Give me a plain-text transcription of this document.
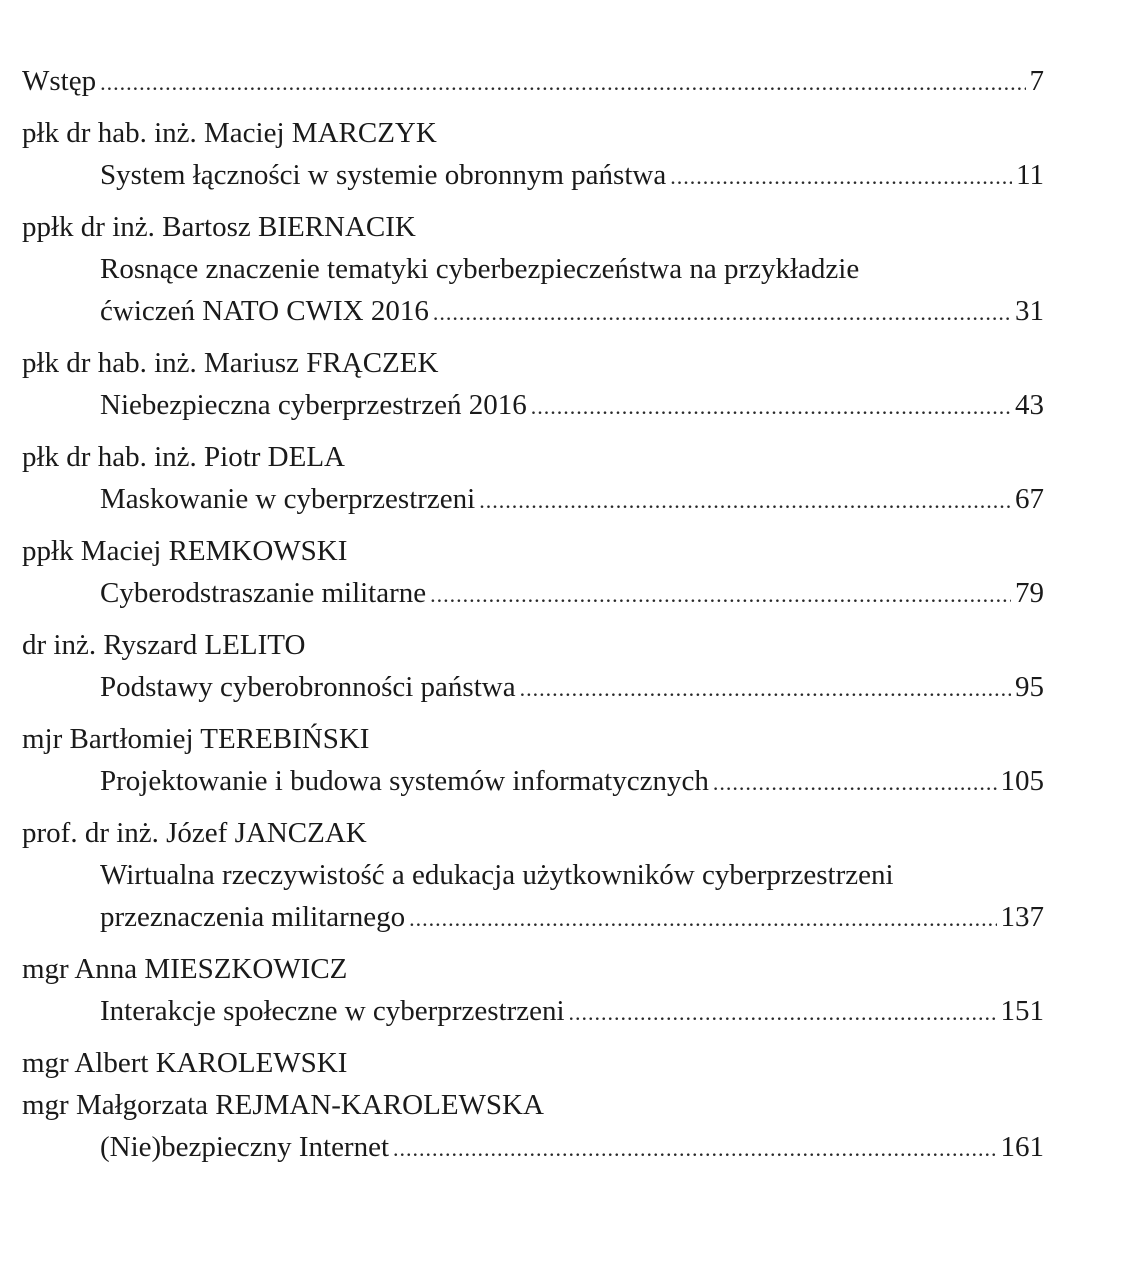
Wstęp .....	7
płk dr hab. inż. Maciej MARCZYK
System łączności w systemie obronnym państwa .....	11
ppłk dr inż. Bartosz BIERNACIK
Rosnące znaczenie tematyki cyberbezpieczeństwa na przykładzie
ćwiczeń NATO CWIX 2016 .....	31
płk dr hab. inż. Mariusz FRĄCZEK
Niebezpieczna cyberprzestrzeń 2016 .....	43
płk dr hab. inż. Piotr DELA
Maskowanie w cyberprzestrzeni .....	67
ppłk Maciej REMKOWSKI
Cyberodstraszanie militarne .....	79
dr inż. Ryszard LELITO
Podstawy cyberobronności państwa .....	95
mjr Bartłomiej TEREBIŃSKI
Projektowanie i budowa systemów informatycznych .....	105
prof. dr inż. Józef JANCZAK
Wirtualna rzeczywistość a edukacja użytkowników cyberprzestrzeni
przeznaczenia militarnego .....	137
mgr Anna MIESZKOWICZ
Interakcje społeczne w cyberprzestrzeni .....	151
mgr Albert KAROLEWSKI
mgr Małgorzata REJMAN-KAROLEWSKA
(Nie)bezpieczny Internet .....	161
